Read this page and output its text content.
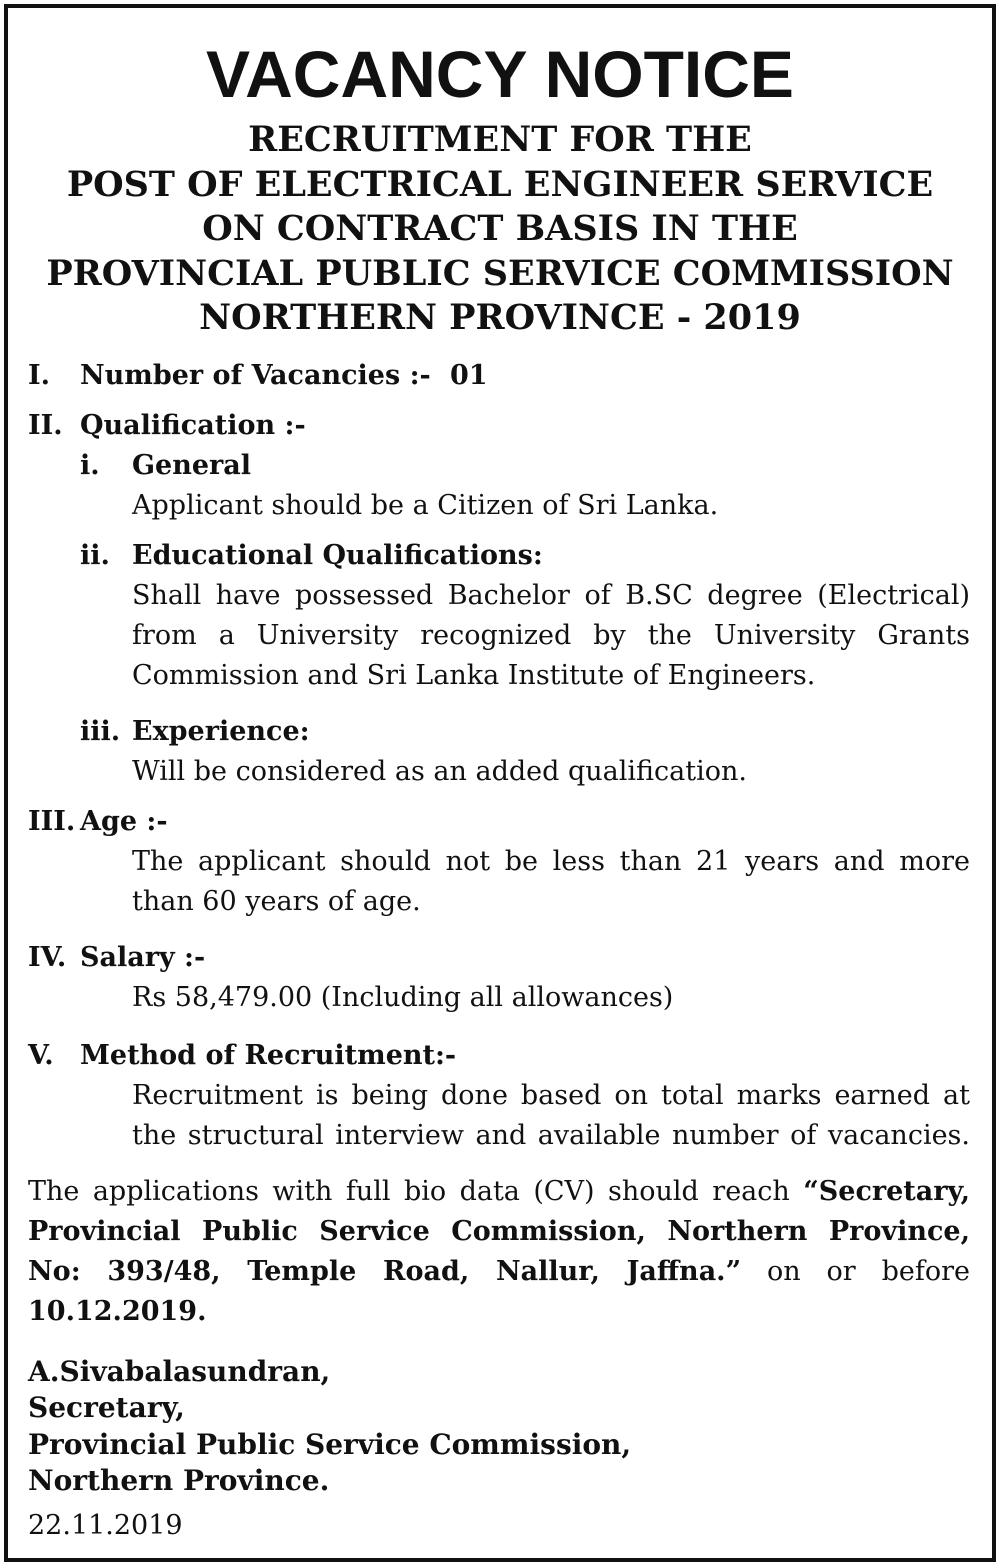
VACANCY NOTICE
RECRUITMENT FOR THE
POST OF ELECTRICAL ENGINEER SERVICE
ON CONTRACT BASIS IN THE
PROVINCIAL PUBLIC SERVICE COMMISSION
NORTHERN PROVINCE - 2019
I. Number of Vacancies :- 01
II. Qualification :-
i. General
Applicant should be a Citizen of Sri Lanka.
ii. Educational Qualifications:
Shall have possessed Bachelor of B.SC degree (Electrical)
from a University recognized by the University Grants
Commission and Sri Lanka Institute of Engineers.
iii. Experience:
Will be considered as an added qualification.
III. Age :-
The applicant should not be less than 21 years and more
than 60 years of age.
IV. Salary :-
Rs 58,479.00 (Including all allowances)
V. Method of Recruitment:-
Recruitment is being done based on total marks earned at
the structural interview and available number of vacancies.
The applications with full bio data (CV) should reach “Secretary, Provincial Public Service Commission, Northern Province, No: 393/48, Temple Road, Nallur, Jaffna.” on or before 10.12.2019.
A.Sivabalasundran,
Secretary,
Provincial Public Service Commission,
Northern Province.
22.11.2019
